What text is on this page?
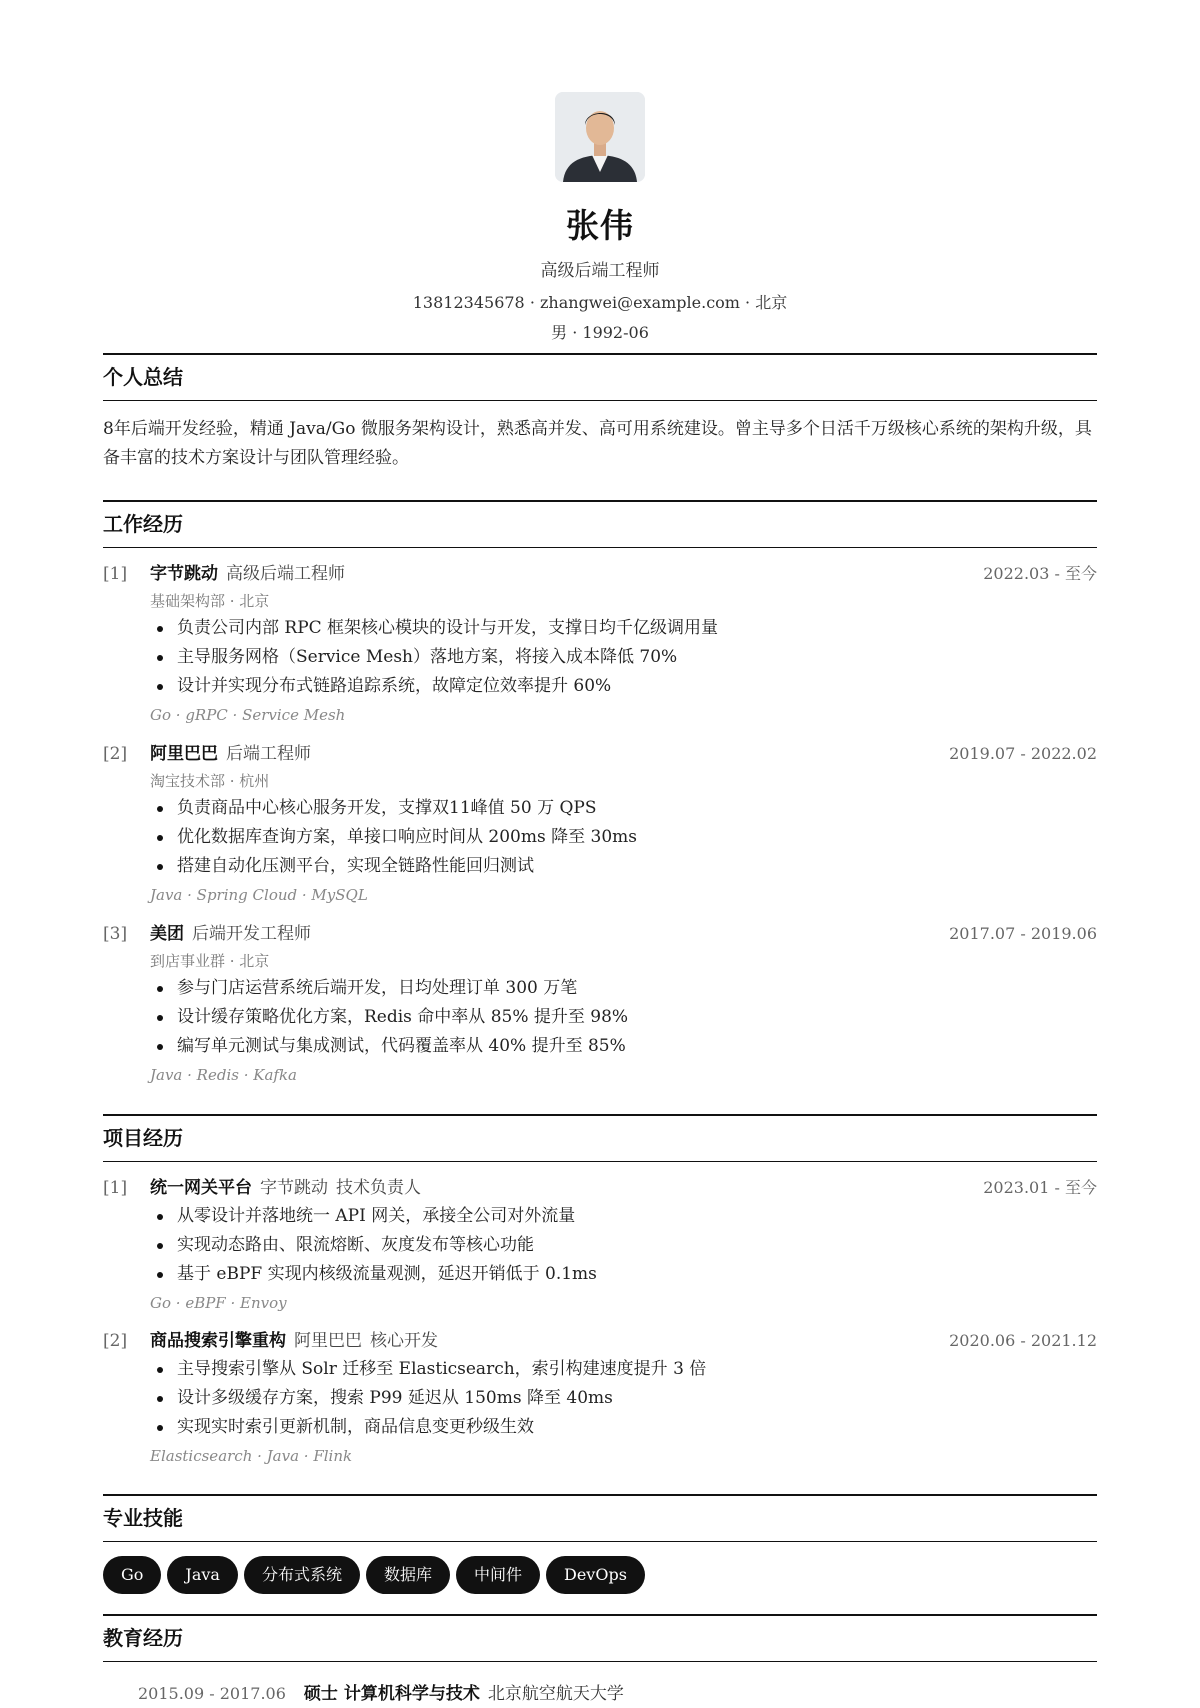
张伟
高级后端工程师
13812345678 · zhangwei@example.com · 北京
男 · 1992-06
个人总结
8年后端开发经验，精通 Java/Go 微服务架构设计，熟悉高并发、高可用系统建设。曾主导多个日活千万级核心系统的架构升级，具备丰富的技术方案设计与团队管理经验。
工作经历
[1] 字节跳动 高级后端工程师	2022.03 - 至今
基础架构部 · 北京
负责公司内部 RPC 框架核心模块的设计与开发，支撑日均千亿级调用量
主导服务网格（Service Mesh）落地方案，将接入成本降低 70%
设计并实现分布式链路追踪系统，故障定位效率提升 60%
Go · gRPC · Service Mesh
[2] 阿里巴巴 后端工程师	2019.07 - 2022.02
淘宝技术部 · 杭州
负责商品中心核心服务开发，支撑双11峰值 50 万 QPS
优化数据库查询方案，单接口响应时间从 200ms 降至 30ms
搭建自动化压测平台，实现全链路性能回归测试
Java · Spring Cloud · MySQL
[3] 美团 后端开发工程师	2017.07 - 2019.06
到店事业群 · 北京
参与门店运营系统后端开发，日均处理订单 300 万笔
设计缓存策略优化方案，Redis 命中率从 85% 提升至 98%
编写单元测试与集成测试，代码覆盖率从 40% 提升至 85%
Java · Redis · Kafka
项目经历
[1] 统一网关平台 字节跳动 技术负责人	2023.01 - 至今
从零设计并落地统一 API 网关，承接全公司对外流量
实现动态路由、限流熔断、灰度发布等核心功能
基于 eBPF 实现内核级流量观测，延迟开销低于 0.1ms
Go · eBPF · Envoy
[2] 商品搜索引擎重构 阿里巴巴 核心开发	2020.06 - 2021.12
主导搜索引擎从 Solr 迁移至 Elasticsearch，索引构建速度提升 3 倍
设计多级缓存方案，搜索 P99 延迟从 150ms 降至 40ms
实现实时索引更新机制，商品信息变更秒级生效
Elasticsearch · Java · Flink
专业技能
Go	Java	分布式系统	数据库	中间件	DevOps
教育经历
2015.09 - 2017.06 硕士 计算机科学与技术 北京航空航天大学
